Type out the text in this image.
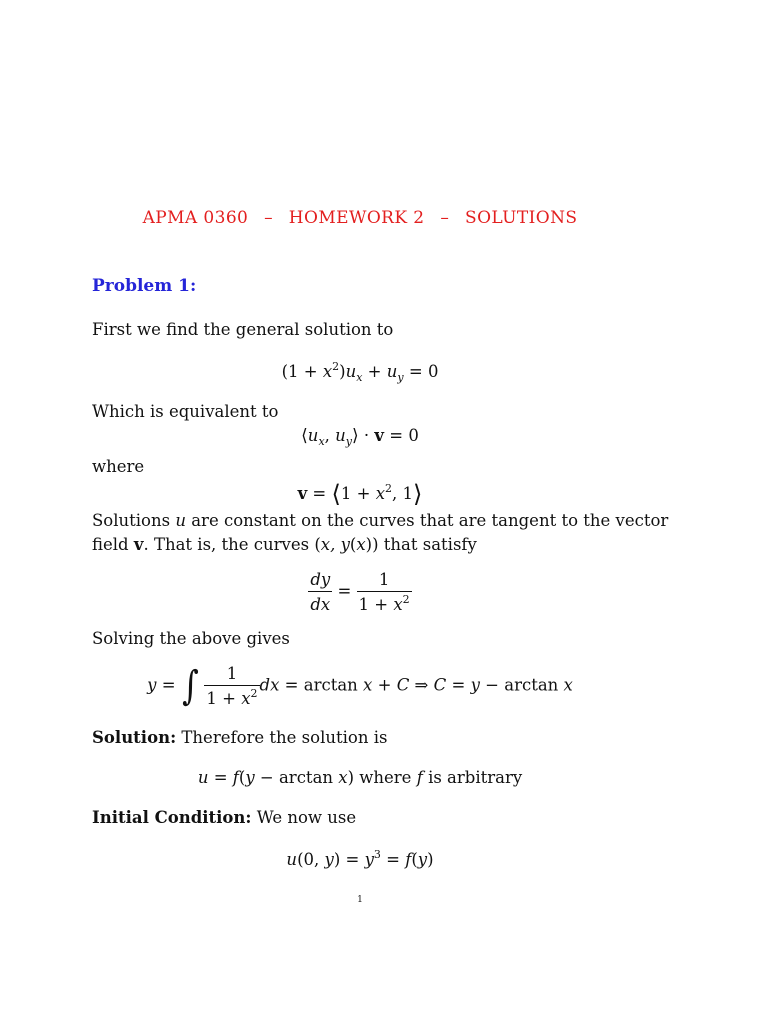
APMA 0360 – HOMEWORK 2 – SOLUTIONS
Problem 1:
First we find the general solution to
$(1 + x^2)u_x + u_y = 0$
Which is equivalent to
$⟨u_x$, $u_y⟩ \cdot v = 0$
where
v = ⟨1 + $x^2$, 1⟩
Solutions u are constant on the curves that are tangent to the vector
field v. That is, the curves (x, y(x)) that satisfy
$\frac{dy}{dx} = \frac{1}{1 + x^2}$
Solving the above gives
y = ∫ $\frac{1}{1 + x^2}$ dx = arctan x + C ⇒ C = y − arctan x
Solution: Therefore the solution is
u = f(y − arctan x) where f is arbitrary
Initial Condition: We now use
u(0, $y) = y^3 = f(y)$
1
